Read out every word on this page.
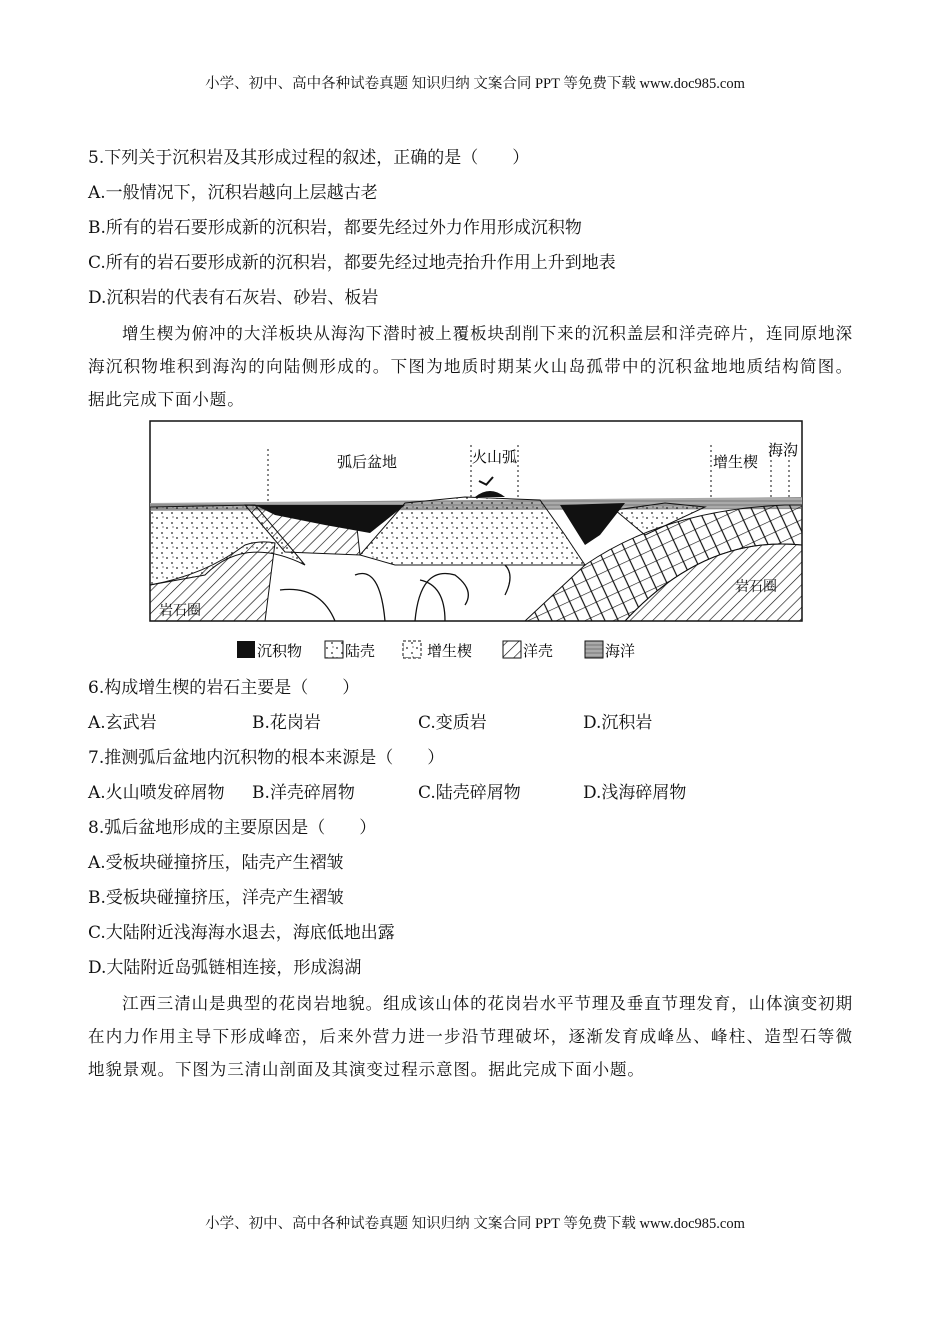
小学、初中、高中各种试卷真题 知识归纳 文案合同 PPT 等免费下载 www.doc985.com
5.下列关于沉积岩及其形成过程的叙述，正确的是（　　）
A.一般情况下，沉积岩越向上层越古老
B.所有的岩石要形成新的沉积岩，都要先经过外力作用形成沉积物
C.所有的岩石要形成新的沉积岩，都要先经过地壳抬升作用上升到地表
D.沉积岩的代表有石灰岩、砂岩、板岩
增生楔为俯冲的大洋板块从海沟下潜时被上覆板块刮削下来的沉积盖层和洋壳碎片，连同原地深海沉积物堆积到海沟的向陆侧形成的。下图为地质时期某火山岛孤带中的沉积盆地地质结构简图。据此完成下面小题。
弧后盆地	火山弧	增生楔
海沟
岩石圈
岩石圈
沉积物	陆壳	增生楔	洋壳	海洋
6.构成增生楔的岩石主要是（　　）
A.玄武岩	B.花岗岩	C.变质岩	D.沉积岩
7.推测弧后盆地内沉积物的根本来源是（　　）
A.火山喷发碎屑物 B.洋壳碎屑物	C.陆壳碎屑物	D.浅海碎屑物
8.弧后盆地形成的主要原因是（　　）
A.受板块碰撞挤压，陆壳产生褶皱
B.受板块碰撞挤压，洋壳产生褶皱
C.大陆附近浅海海水退去，海底低地出露
D.大陆附近岛弧链相连接，形成潟湖
江西三清山是典型的花岗岩地貌。组成该山体的花岗岩水平节理及垂直节理发育，山体演变初期在内力作用主导下形成峰峦，后来外营力进一步沿节理破坏，逐渐发育成峰丛、峰柱、造型石等微地貌景观。下图为三清山剖面及其演变过程示意图。据此完成下面小题。
小学、初中、高中各种试卷真题 知识归纳 文案合同 PPT 等免费下载 www.doc985.com
